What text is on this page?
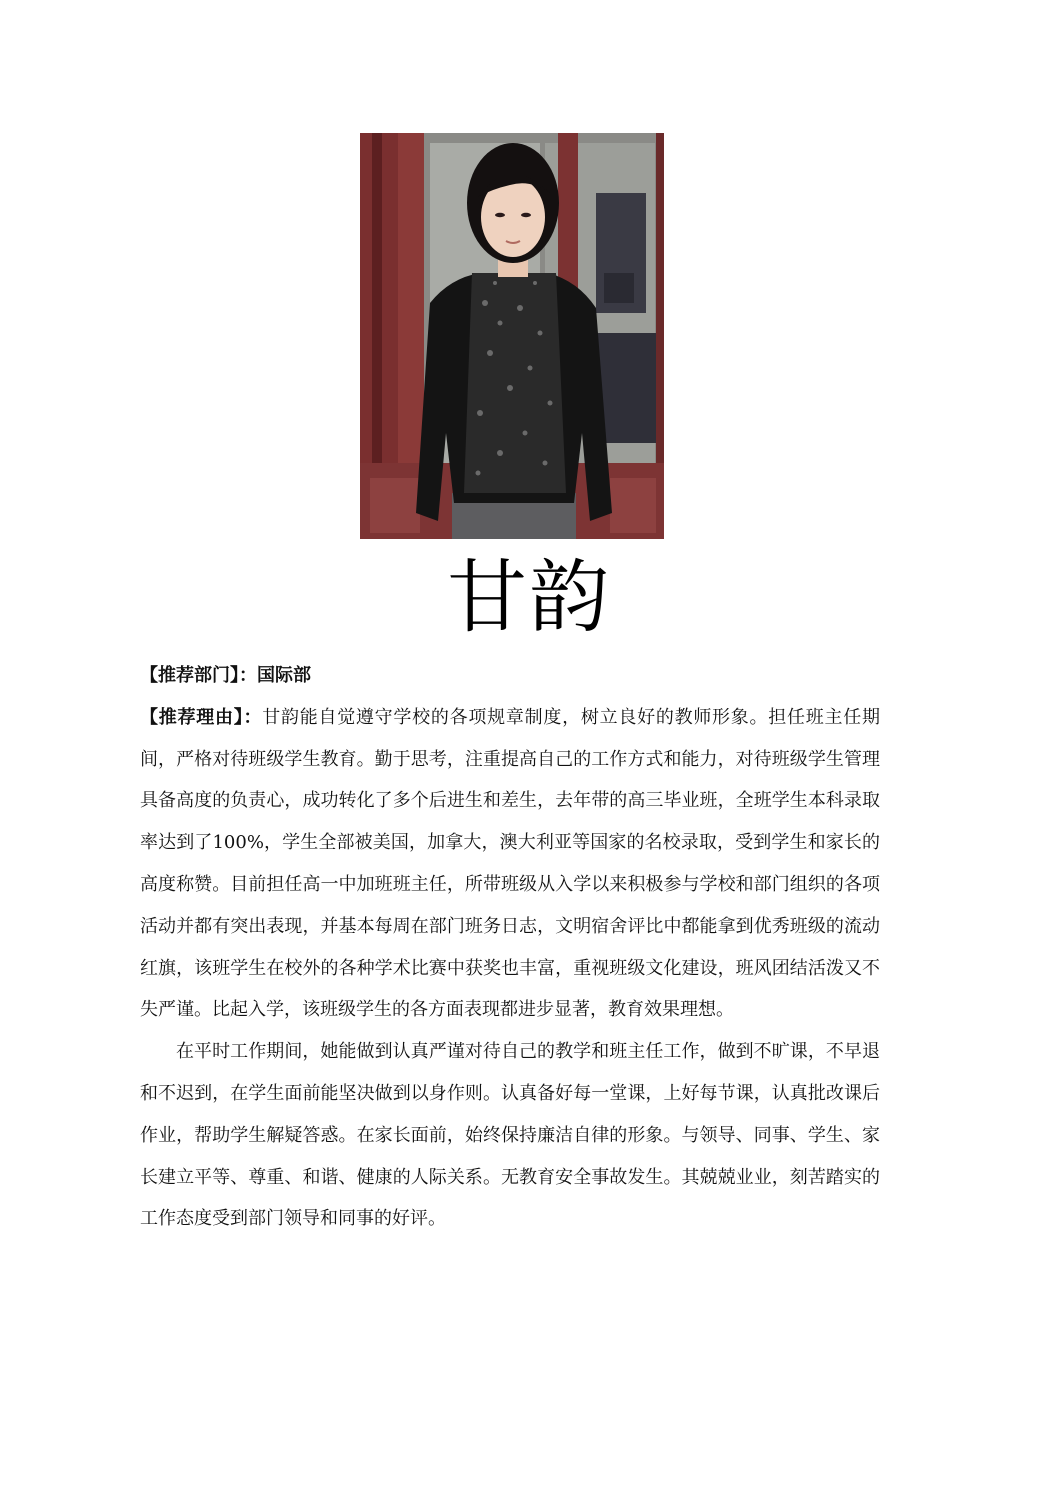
甘韵

【推荐部门】：国际部

【推荐理由】：甘韵能自觉遵守学校的各项规章制度，树立良好的教师形象。担任班主任期间，严格对待班级学生教育。勤于思考，注重提高自己的工作方式和能力，对待班级学生管理具备高度的负责心，成功转化了多个后进生和差生，去年带的高三毕业班，全班学生本科录取率达到了100%，学生全部被美国，加拿大，澳大利亚等国家的名校录取，受到学生和家长的高度称赞。目前担任高一中加班班主任，所带班级从入学以来积极参与学校和部门组织的各项活动并都有突出表现，并基本每周在部门班务日志，文明宿舍评比中都能拿到优秀班级的流动红旗，该班学生在校外的各种学术比赛中获奖也丰富，重视班级文化建设，班风团结活泼又不失严谨。比起入学，该班级学生的各方面表现都进步显著，教育效果理想。

在平时工作期间，她能做到认真严谨对待自己的教学和班主任工作，做到不旷课，不早退和不迟到，在学生面前能坚决做到以身作则。认真备好每一堂课，上好每节课，认真批改课后作业，帮助学生解疑答惑。在家长面前，始终保持廉洁自律的形象。与领导、同事、学生、家长建立平等、尊重、和谐、健康的人际关系。无教育安全事故发生。其兢兢业业，刻苦踏实的工作态度受到部门领导和同事的好评。
